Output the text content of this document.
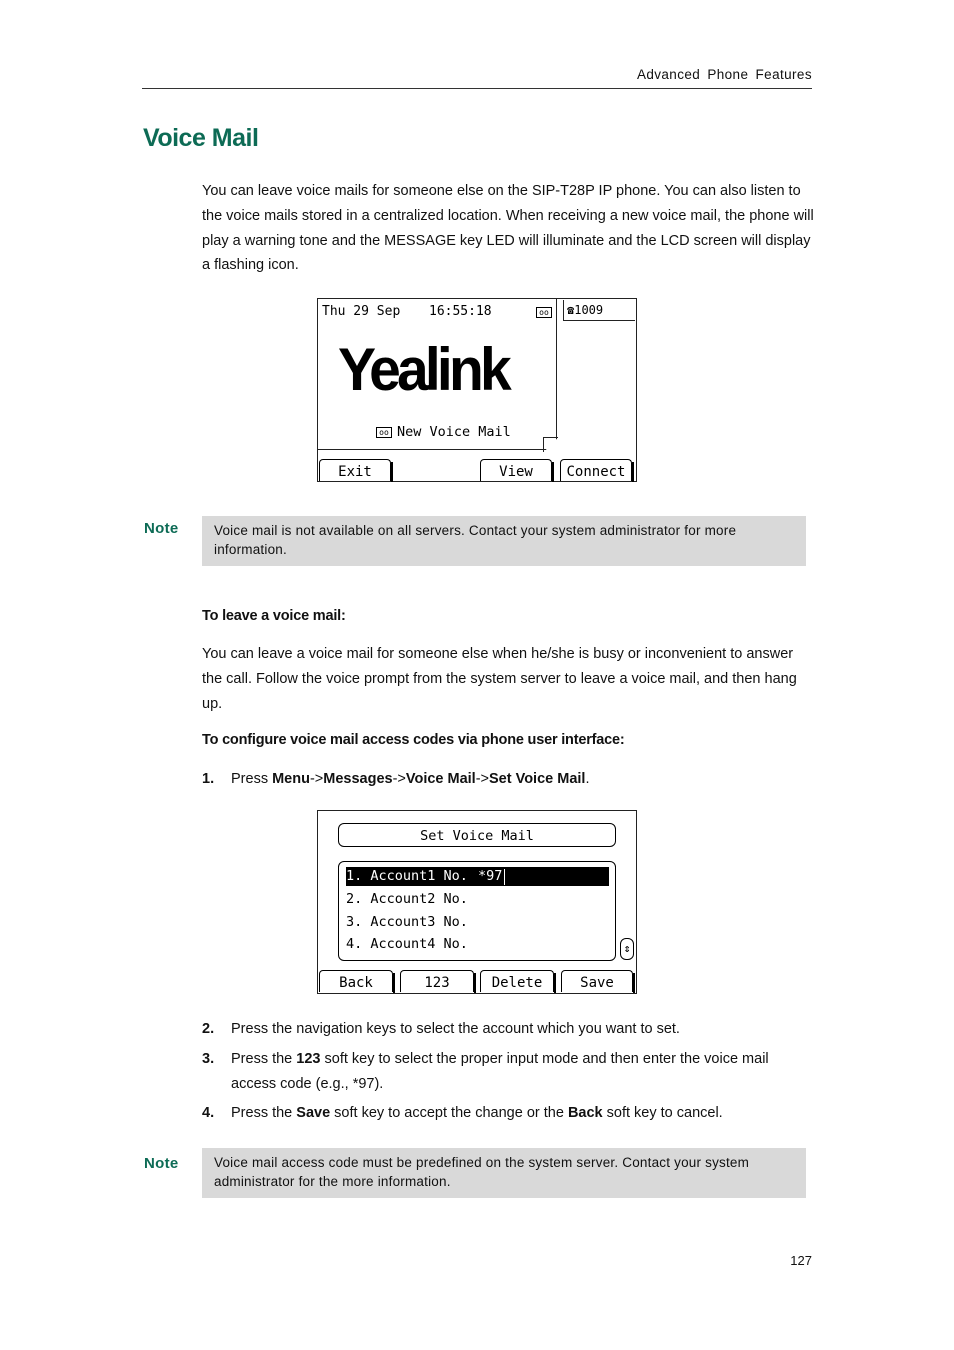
Advanced Phone Features
Voice Mail
You can leave voice mails for someone else on the SIP-T28P IP phone. You can also listen to the voice mails stored in a centralized location. When receiving a new voice mail, the phone will play a warning tone and the MESSAGE key LED will illuminate and the LCD screen will display a flashing icon.
Thu 29 Sep 16:55:18	oo	☎1009
Yealink
oo New Voice Mail
Exit	View	Connect
Note	Voice mail is not available on all servers. Contact your system administrator for more information.
To leave a voice mail:
You can leave a voice mail for someone else when he/she is busy or inconvenient to answer the call. Follow the voice prompt from the system server to leave a voice mail, and then hang up.
To configure voice mail access codes via phone user interface:
1. Press Menu->Messages->Voice Mail->Set Voice Mail.
Set Voice Mail
1. Account1 No. *97
2. Account2 No.
3. Account3 No.
4. Account4 No.	⇕
Back	123	Delete	Save
2. Press the navigation keys to select the account which you want to set.
3. Press the 123 soft key to select the proper input mode and then enter the voice mail access code (e.g., *97).
4. Press the Save soft key to accept the change or the Back soft key to cancel.
Note	Voice mail access code must be predefined on the system server. Contact your system administrator for the more information.
127
